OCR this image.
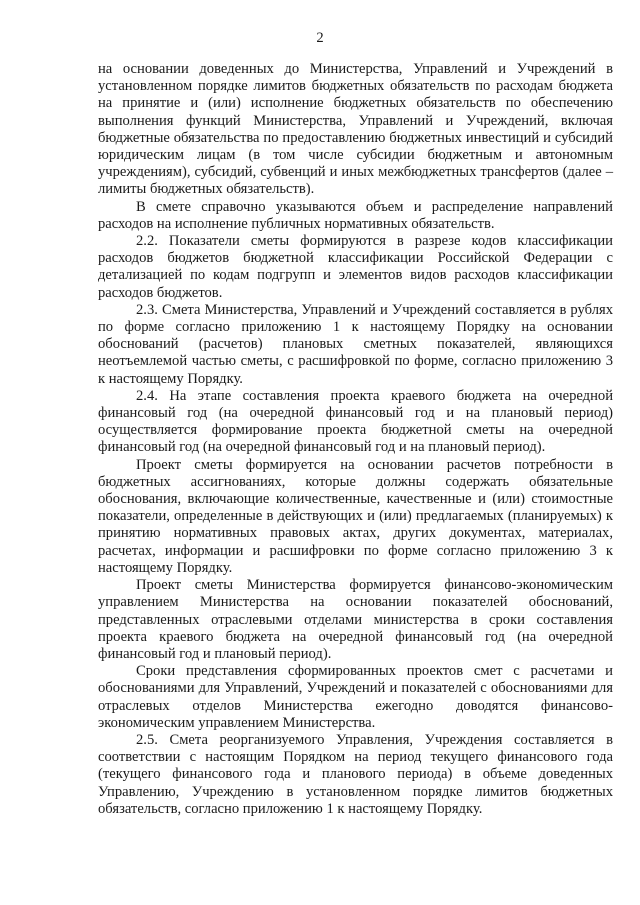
2

на основании доведенных до Министерства, Управлений и Учреждений в установленном порядке лимитов бюджетных обязательств по расходам бюджета на принятие и (или) исполнение бюджетных обязательств по обеспечению выполнения функций Министерства, Управлений и Учреждений, включая бюджетные обязательства по предоставлению бюджетных инвестиций и субсидий юридическим лицам (в том числе субсидии бюджетным и автономным учреждениям), субсидий, субвенций и иных межбюджетных трансфертов (далее – лимиты бюджетных обязательств).

В смете справочно указываются объем и распределение направлений расходов на исполнение публичных нормативных обязательств.

2.2. Показатели сметы формируются в разрезе кодов классификации расходов бюджетов бюджетной классификации Российской Федерации с детализацией по кодам подгрупп и элементов видов расходов классификации расходов бюджетов.

2.3. Смета Министерства, Управлений и Учреждений составляется в рублях по форме согласно приложению 1 к настоящему Порядку на основании обоснований (расчетов) плановых сметных показателей, являющихся неотъемлемой частью сметы, с расшифровкой по форме, согласно приложению 3 к настоящему Порядку.

2.4. На этапе составления проекта краевого бюджета на очередной финансовый год (на очередной финансовый год и на плановый период) осуществляется формирование проекта бюджетной сметы на очередной финансовый год (на очередной финансовый год и на плановый период).

Проект сметы формируется на основании расчетов потребности в бюджетных ассигнованиях, которые должны содержать обязательные обоснования, включающие количественные, качественные и (или) стоимостные показатели, определенные в действующих и (или) предлагаемых (планируемых) к принятию нормативных правовых актах, других документах, материалах, расчетах, информации и расшифровки по форме согласно приложению 3 к настоящему Порядку.

Проект сметы Министерства формируется финансово-экономическим управлением Министерства на основании показателей обоснований, представленных отраслевыми отделами министерства в сроки составления проекта краевого бюджета на очередной финансовый год (на очередной финансовый год и плановый период).

Сроки представления сформированных проектов смет с расчетами и обоснованиями для Управлений, Учреждений и показателей с обоснованиями для отраслевых отделов Министерства ежегодно доводятся финансово-экономическим управлением Министерства.

2.5. Смета реорганизуемого Управления, Учреждения составляется в соответствии с настоящим Порядком на период текущего финансового года (текущего финансового года и планового периода) в объеме доведенных Управлению, Учреждению в установленном порядке лимитов бюджетных обязательств, согласно приложению 1 к настоящему Порядку.
